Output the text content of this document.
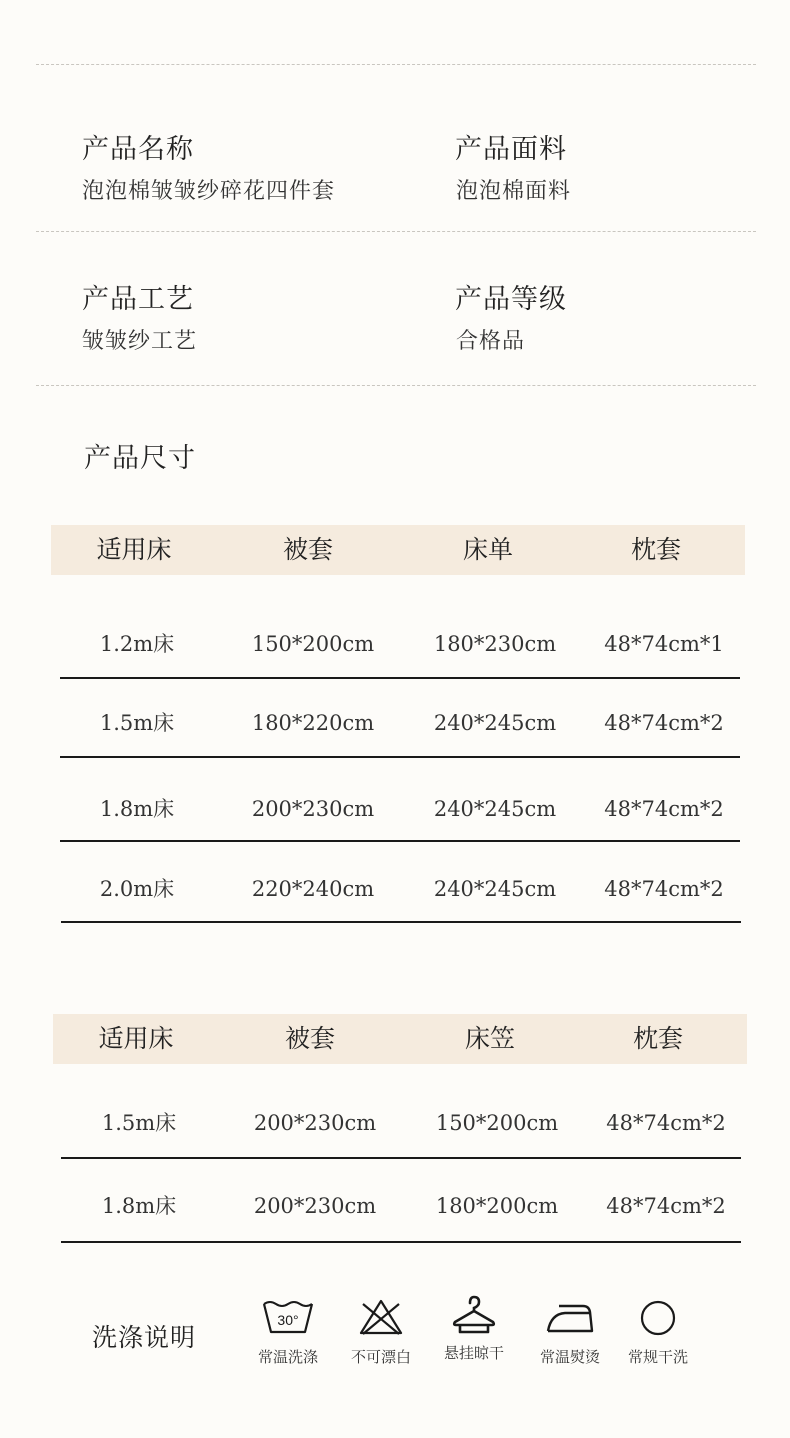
产品名称
泡泡棉皱皱纱碎花四件套
产品面料
泡泡棉面料
产品工艺
皱皱纱工艺
产品等级
合格品
产品尺寸
适用床	被套	床单	枕套
1.2m床	150*200cm	180*230cm	48*74cm*1
1.5m床	180*220cm	240*245cm	48*74cm*2
1.8m床	200*230cm	240*245cm	48*74cm*2
2.0m床	220*240cm	240*245cm	48*74cm*2
适用床	被套	床笠	枕套
1.5m床	200*230cm	150*200cm	48*74cm*2
1.8m床	200*230cm	180*200cm	48*74cm*2
洗涤说明
30°
常温洗涤	不可漂白	悬挂晾干	常温熨烫	常规干洗
